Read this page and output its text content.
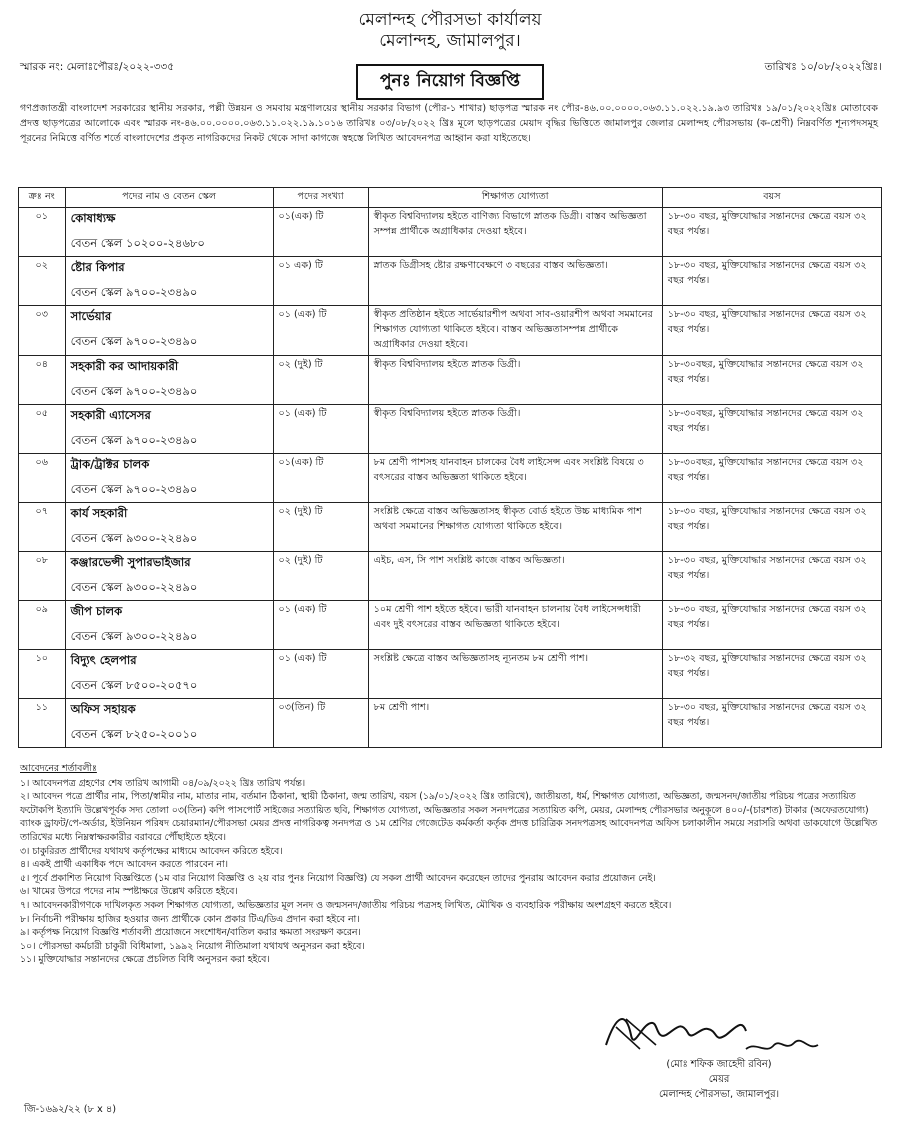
মেলান্দহ পৌরসভা কার্যালয়
মেলান্দহ, জামালপুর।
স্মারক নং: মেলাঃপৌরঃ/২০২২-৩৩৫	তারিখঃ ১০/০৮/২০২২খ্রিঃ।
পুনঃ নিয়োগ বিজ্ঞপ্তি
গণপ্রজাতন্ত্রী বাংলাদেশ সরকারের স্থানীয় সরকার, পল্লী উন্নয়ন ও সমবায় মন্ত্রণালয়ের স্থানীয় সরকার বিভাগ (পৌর-১ শাখার) ছাড়পত্র স্মারক নং পৌর-৪৬.০০.০০০০.০৬৩.১১.০২২.১৯.৯৩ তারিখঃ ১৯/০১/২০২২খ্রিঃ মোতাবেক প্রদত্ত ছাড়পত্রের আলোকে এবং স্মারক নং-৪৬.০০.০০০০.০৬৩.১১.০২২.১৯.১০১৬ তারিখঃ ০৩/০৮/২০২২ খ্রিঃ মূলে ছাড়পত্রের মেয়াদ বৃদ্ধির ভিত্তিতে জামালপুর জেলার মেলান্দহ পৌরসভায় (ক-শ্রেণী) নিম্নবর্ণিত শূন্যপদসমূহ পূরনের নিমিত্তে বর্ণিত শর্তে বাংলাদেশের প্রকৃত নাগরিকদের নিকট থেকে সাদা কাগজে স্বহস্তে লিখিত আবেদনপত্র আহ্বান করা যাইতেছে।
ক্রঃ নং	পদের নাম ও বেতন স্কেল	পদের সংখ্যা	শিক্ষাগত যোগ্যতা	বয়স
০১	কোষাধ্যক্ষ
বেতন স্কেল ১০২০০-২৪৬৮০	০১(এক) টি	স্বীকৃত বিশ্ববিদ্যালয় হইতে বাণিজ্য বিভাগে স্নাতক ডিগ্রী। বাস্তব অভিজ্ঞতা সম্পন্ন প্রার্থীকে অগ্রাধিকার দেওয়া হইবে।	১৮-৩০ বছর, মুক্তিযোদ্ধার সন্তানদের ক্ষেত্রে বয়স ৩২ বছর পর্যন্ত।
০২	ষ্টোর কিপার
বেতন স্কেল ৯৭০০-২৩৪৯০	০১ এক) টি	স্নাতক ডিগ্রীসহ ষ্টোর রক্ষণাবেক্ষণে ৩ বছরের বাস্তব অভিজ্ঞতা।	১৮-৩০ বছর, মুক্তিযোদ্ধার সন্তানদের ক্ষেত্রে বয়স ৩২ বছর পর্যন্ত।
০৩	সার্ভেয়ার
বেতন স্কেল ৯৭০০-২৩৪৯০	০১ (এক) টি	স্বীকৃত প্রতিষ্ঠান হইতে সার্ভেয়ারশীপ অথবা সাব-ওয়ারশীপ অথবা সমমানের শিক্ষাগত যোগ্যতা থাকিতে হইবে। বাস্তব অভিজ্ঞতাসম্পন্ন প্রার্থীকে অগ্রাধিকার দেওয়া হইবে।	১৮-৩০ বছর, মুক্তিযোদ্ধার সন্তানদের ক্ষেত্রে বয়স ৩২ বছর পর্যন্ত।
০৪	সহকারী কর আদায়কারী
বেতন স্কেল ৯৭০০-২৩৪৯০	০২ (দুই) টি	স্বীকৃত বিশ্ববিদ্যালয় হইতে স্নাতক ডিগ্রী।	১৮-৩০বছর, মুক্তিযোদ্ধার সন্তানদের ক্ষেত্রে বয়স ৩২ বছর পর্যন্ত।
০৫	সহকারী এ্যাসেসর
বেতন স্কেল ৯৭০০-২৩৪৯০	০১ (এক) টি	স্বীকৃত বিশ্ববিদ্যালয় হইতে স্নাতক ডিগ্রী।	১৮-৩০বছর, মুক্তিযোদ্ধার সন্তানদের ক্ষেত্রে বয়স ৩২ বছর পর্যন্ত।
০৬	ট্রাক/ট্রাক্টর চালক
বেতন স্কেল ৯৭০০-২৩৪৯০	০১(এক) টি	৮ম শ্রেণী পাশসহ যানবাহন চালকের বৈধ লাইসেন্স এবং সংশ্লিষ্ট বিষয়ে ৩ বৎসরের বাস্তব অভিজ্ঞতা থাকিতে হইবে।	১৮-৩০বছর, মুক্তিযোদ্ধার সন্তানদের ক্ষেত্রে বয়স ৩২ বছর পর্যন্ত।
০৭	কার্য সহকারী
বেতন স্কেল ৯৩০০-২২৪৯০	০২ (দুই) টি	সংশ্লিষ্ট ক্ষেত্রে বাস্তব অভিজ্ঞতাসহ স্বীকৃত বোর্ড হইতে উচ্চ মাধ্যমিক পাশ অথবা সমমানের শিক্ষাগত যোগ্যতা থাকিতে হইবে।	১৮-৩০ বছর, মুক্তিযোদ্ধার সন্তানদের ক্ষেত্রে বয়স ৩২ বছর পর্যন্ত।
০৮	কঞ্জারভেন্সী সুপারভাইজার
বেতন স্কেল ৯৩০০-২২৪৯০	০২ (দুই) টি	এইচ, এস, সি পাশ সংশ্লিষ্ট কাজে বাস্তব অভিজ্ঞতা।	১৮-৩০ বছর, মুক্তিযোদ্ধার সন্তানদের ক্ষেত্রে বয়স ৩২ বছর পর্যন্ত।
০৯	জীপ চালক
বেতন স্কেল ৯৩০০-২২৪৯০	০১ (এক) টি	১০ম শ্রেণী পাশ হইতে হইবে। ভারী যানবাহন চালনায় বৈধ লাইসেন্সধারী এবং দুই বৎসরের বাস্তব অভিজ্ঞতা থাকিতে হইবে।	১৮-৩০ বছর, মুক্তিযোদ্ধার সন্তানদের ক্ষেত্রে বয়স ৩২ বছর পর্যন্ত।
১০	বিদ্যুৎ হেলপার
বেতন স্কেল ৮৫০০-২০৫৭০	০১ (এক) টি	সংশ্লিষ্ট ক্ষেত্রে বাস্তব অভিজ্ঞতাসহ ন্যূনতম ৮ম শ্রেণী পাশ।	১৮-৩২ বছর, মুক্তিযোদ্ধার সন্তানদের ক্ষেত্রে বয়স ৩২ বছর পর্যন্ত।
১১	অফিস সহায়ক
বেতন স্কেল ৮২৫০-২০০১০	০৩(তিন) টি	৮ম শ্রেণী পাশ।	১৮-৩০ বছর, মুক্তিযোদ্ধার সন্তানদের ক্ষেত্রে বয়স ৩২ বছর পর্যন্ত।
আবেদনের শর্তাবলীঃ
১। আবেদনপত্র গ্রহণের শেষ তারিখ আগামী ০৪/০৯/২০২২ খ্রিঃ তারিখ পর্যন্ত।
২। আবেদন পত্রে প্রার্থীর নাম, পিতা/স্বামীর নাম, মাতার নাম, বর্তমান ঠিকানা, স্থায়ী ঠিকানা, জন্ম তারিখ, বয়স (১৯/০১/২০২২ খ্রিঃ তারিখে), জাতীয়তা, ধর্ম, শিক্ষাগত যোগ্যতা, অভিজ্ঞতা, জন্মসনদ/জাতীয় পরিচয় পত্রের সত্যায়িত ফটোকপি ইত্যাদি উল্লেখপূর্বক সদ্য তোলা ০৩(তিন) কপি পাসপোর্ট সাইজের সত্যায়িত ছবি, শিক্ষাগত যোগ্যতা, অভিজ্ঞতার সকল সনদপত্রের সত্যায়িত কপি, মেয়র, মেলান্দহ পৌরসভার অনুকূলে ৪০০/-(চারশত) টাকার (অফেরতযোগ্য) ব্যাংক ড্রাফট/পে-অর্ডার, ইউনিয়ন পরিষদ চেয়ারম্যান/পৌরসভা মেয়র প্রদত্ত নাগরিকত্ব সনদপত্র ও ১ম শ্রেণির গেজেটেড কর্মকর্তা কর্তৃক প্রদত্ত চারিত্রিক সনদপত্রসহ আবেদনপত্র অফিস চলাকালীন সময়ে সরাসরি অথবা ডাকযোগে উল্লেখিত তারিখের মধ্যে নিম্নস্বাক্ষরকারীর বরাবরে পৌঁছাইতে হইবে।
৩। চাকুরিরত প্রার্থীদের যথাযথ কর্তৃপক্ষের মাধ্যমে আবেদন করিতে হইবে।
৪। একই প্রার্থী একাধিক পদে আবেদন করতে পারবেন না।
৫। পূর্বে প্রকাশিত নিয়োগ বিজ্ঞপ্তিতে (১ম বার নিয়োগ বিজ্ঞপ্তি ও ২য় বার পুনঃ নিয়োগ বিজ্ঞপ্তি) যে সকল প্রার্থী আবেদন করেছেন তাদের পুনরায় আবেদন করার প্রয়োজন নেই।
৬। খামের উপরে পদের নাম স্পষ্টাক্ষরে উল্লেখ করিতে হইবে।
৭। আবেদনকারীগণকে দাখিলকৃত সকল শিক্ষাগত যোগ্যতা, অভিজ্ঞতার মূল সনদ ও জন্মসনদ/জাতীয় পরিচয় পত্রসহ লিখিত, মৌখিক ও ব্যবহারিক পরীক্ষায় অংশগ্রহণ করতে হইবে।
৮। নির্বাচনী পরীক্ষায় হাজির হওয়ার জন্য প্রার্থীকে কোন প্রকার টিএ/ডিএ প্রদান করা হইবে না।
৯। কর্তৃপক্ষ নিয়োগ বিজ্ঞপ্তি শর্তাবলী প্রয়োজনে সংশোধন/বাতিল করার ক্ষমতা সংরক্ষণ করেন।
১০। পৌরসভা কর্মচারী চাকুরী বিধিমালা, ১৯৯২ নিয়োগ নীতিমালা যথাযথ অনুসরন করা হইবে।
১১। মুক্তিযোদ্ধার সন্তানদের ক্ষেত্রে প্রচলিত বিধি অনুসরন করা হইবে।
(মোঃ শফিক জাহেদী রবিন)
মেয়র
মেলান্দহ পৌরসভা, জামালপুর।
জি-১৬৯২/২২ (৮ x ৪)
